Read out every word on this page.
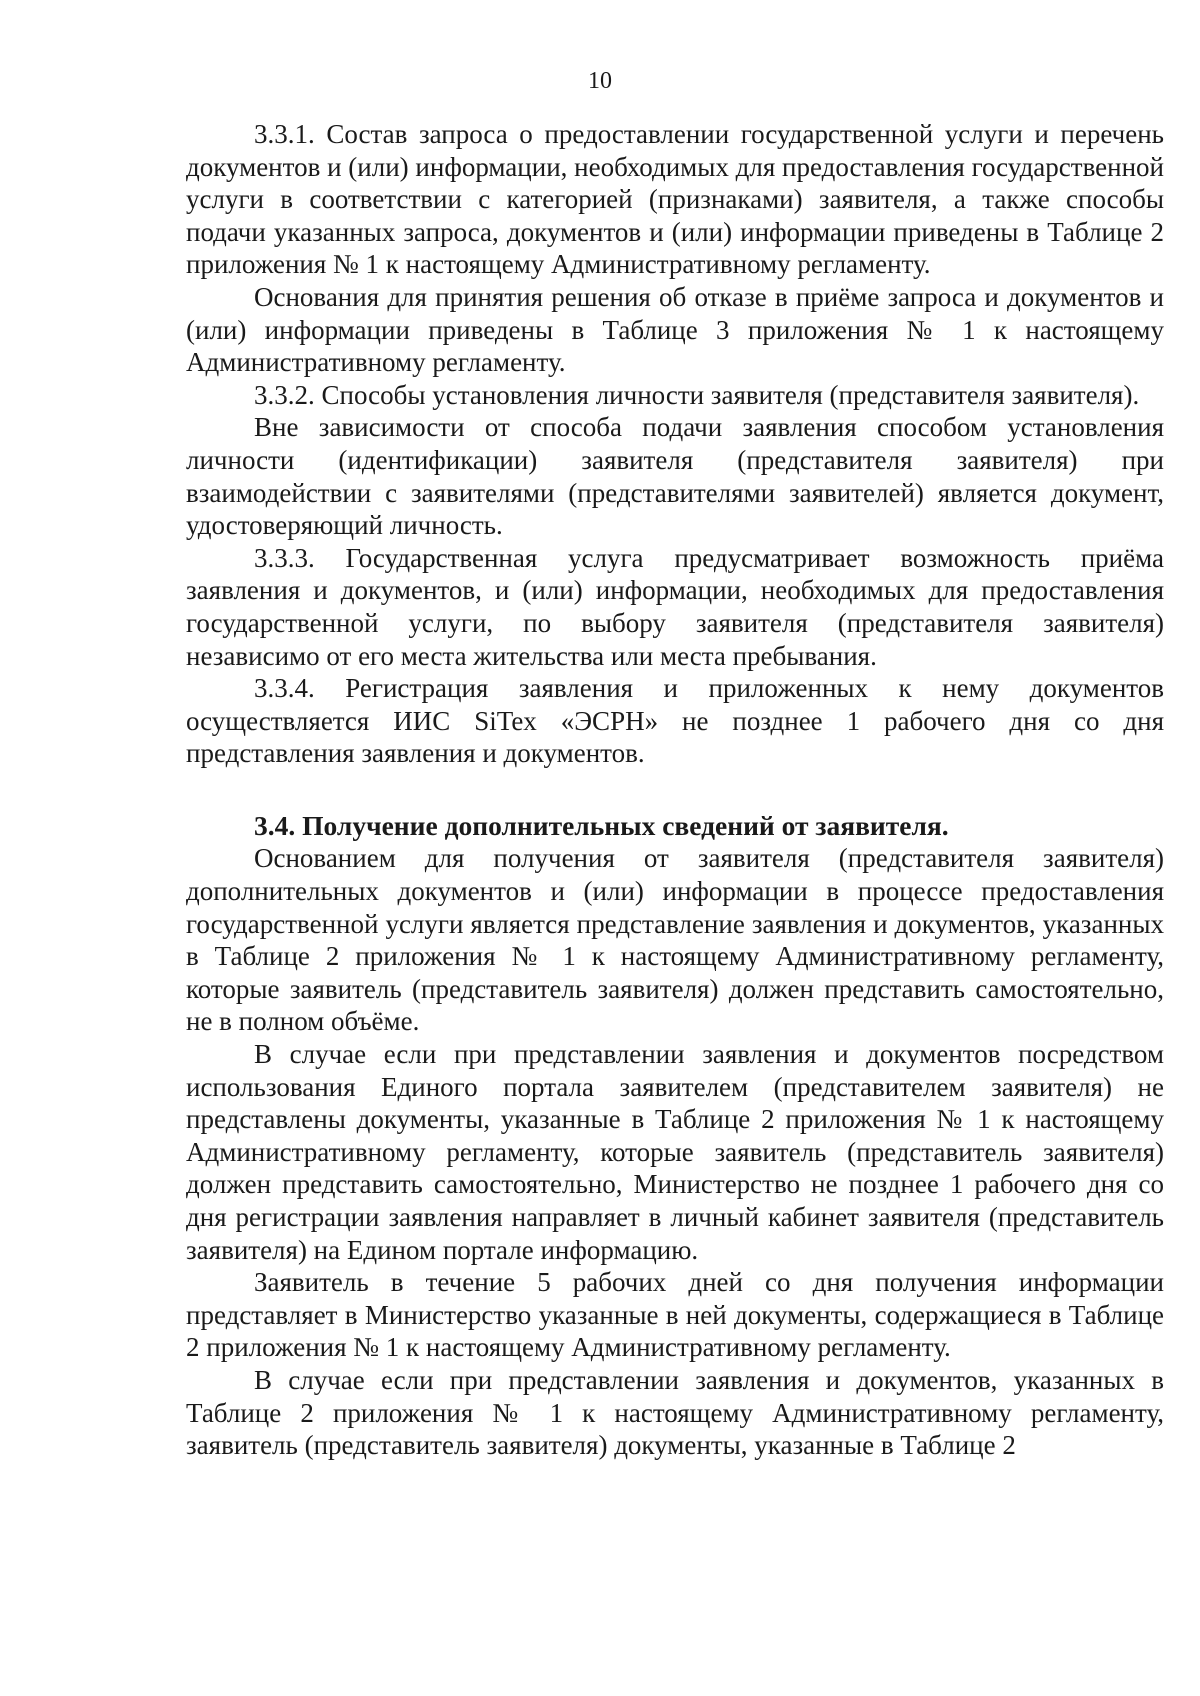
10

3.3.1. Состав запроса о предоставлении государственной услуги и перечень документов и (или) информации, необходимых для предоставления государственной услуги в соответствии с категорией (признаками) заявителя, а также способы подачи указанных запроса, документов и (или) информации приведены в Таблице 2 приложения № 1 к настоящему Административному регламенту.

Основания для принятия решения об отказе в приёме запроса и документов и (или) информации приведены в Таблице 3 приложения № 1 к настоящему Административному регламенту.

3.3.2. Способы установления личности заявителя (представителя заявителя).

Вне зависимости от способа подачи заявления способом установления личности (идентификации) заявителя (представителя заявителя) при взаимодействии с заявителями (представителями заявителей) является документ, удостоверяющий личность.

3.3.3. Государственная услуга предусматривает возможность приёма заявления и документов, и (или) информации, необходимых для предоставления государственной услуги, по выбору заявителя (представителя заявителя) независимо от его места жительства или места пребывания.

3.3.4. Регистрация заявления и приложенных к нему документов осуществляется ИИС SiTex «ЭСРН» не позднее 1 рабочего дня со дня представления заявления и документов.

3.4. Получение дополнительных сведений от заявителя.

Основанием для получения от заявителя (представителя заявителя) дополнительных документов и (или) информации в процессе предоставления государственной услуги является представление заявления и документов, указанных в Таблице 2 приложения № 1 к настоящему Административному регламенту, которые заявитель (представитель заявителя) должен представить самостоятельно, не в полном объёме.

В случае если при представлении заявления и документов посредством использования Единого портала заявителем (представителем заявителя) не представлены документы, указанные в Таблице 2 приложения № 1 к настоящему Административному регламенту, которые заявитель (представитель заявителя) должен представить самостоятельно, Министерство не позднее 1 рабочего дня со дня регистрации заявления направляет в личный кабинет заявителя (представитель заявителя) на Едином портале информацию.

Заявитель в течение 5 рабочих дней со дня получения информации представляет в Министерство указанные в ней документы, содержащиеся в Таблице 2 приложения № 1 к настоящему Административному регламенту.

В случае если при представлении заявления и документов, указанных в Таблице 2 приложения № 1 к настоящему Административному регламенту, заявитель (представитель заявителя) документы, указанные в Таблице 2
